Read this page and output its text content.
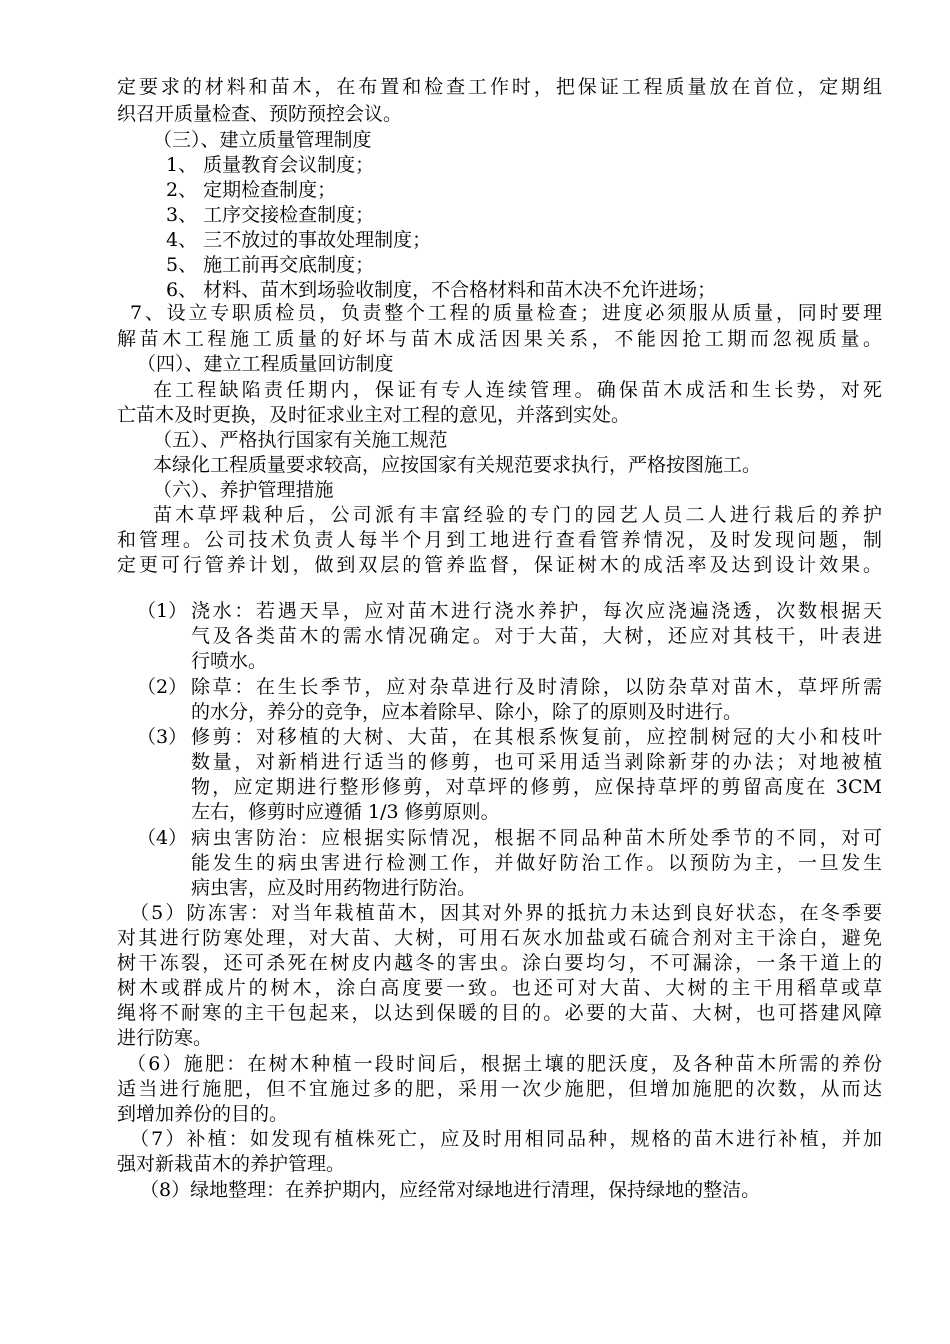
定要求的材料和苗木，在布置和检查工作时，把保证工程质量放在首位，定期组
织召开质量检查、预防预控会议。
（三）、建立质量管理制度
1、 质量教育会议制度；
2、 定期检查制度；
3、 工序交接检查制度；
4、 三不放过的事故处理制度；
5、 施工前再交底制度；
6、 材料、苗木到场验收制度，不合格材料和苗木决不允许进场；
7、设立专职质检员，负责整个工程的质量检查；进度必须服从质量，同时要理
解苗木工程施工质量的好坏与苗木成活因果关系，不能因抢工期而忽视质量。
（四）、建立工程质量回访制度
在工程缺陷责任期内，保证有专人连续管理。确保苗木成活和生长势，对死
亡苗木及时更换，及时征求业主对工程的意见，并落到实处。
（五）、严格执行国家有关施工规范
本绿化工程质量要求较高，应按国家有关规范要求执行，严格按图施工。
（六）、养护管理措施
苗木草坪栽种后，公司派有丰富经验的专门的园艺人员二人进行栽后的养护
和管理。公司技术负责人每半个月到工地进行查看管养情况，及时发现问题，制
定更可行管养计划，做到双层的管养监督，保证树木的成活率及达到设计效果。
（1） 浇水：若遇天旱，应对苗木进行浇水养护，每次应浇遍浇透，次数根据天
气及各类苗木的需水情况确定。对于大苗，大树，还应对其枝干，叶表进
行喷水。
（2） 除草：在生长季节，应对杂草进行及时清除，以防杂草对苗木，草坪所需
的水分，养分的竞争，应本着除早、除小，除了的原则及时进行。
（3） 修剪：对移植的大树、大苗，在其根系恢复前，应控制树冠的大小和枝叶
数量，对新梢进行适当的修剪，也可采用适当剥除新芽的办法；对地被植
物，应定期进行整形修剪，对草坪的修剪，应保持草坪的剪留高度在 3CM
左右，修剪时应遵循 1/3 修剪原则。
（4） 病虫害防治：应根据实际情况，根据不同品种苗木所处季节的不同，对可
能发生的病虫害进行检测工作，并做好防治工作。以预防为主，一旦发生
病虫害，应及时用药物进行防治。
（5）防冻害：对当年栽植苗木，因其对外界的抵抗力未达到良好状态，在冬季要
对其进行防寒处理，对大苗、大树，可用石灰水加盐或石硫合剂对主干涂白，避免
树干冻裂，还可杀死在树皮内越冬的害虫。涂白要均匀，不可漏涂，一条干道上的
树木或群成片的树木，涂白高度要一致。也还可对大苗、大树的主干用稻草或草
绳将不耐寒的主干包起来，以达到保暖的目的。必要的大苗、大树，也可搭建风障
进行防寒。
（6）施肥：在树木种植一段时间后，根据土壤的肥沃度，及各种苗木所需的养份
适当进行施肥，但不宜施过多的肥，采用一次少施肥，但增加施肥的次数，从而达
到增加养份的目的。
（7）补植：如发现有植株死亡，应及时用相同品种，规格的苗木进行补植，并加
强对新栽苗木的养护管理。
（8）绿地整理：在养护期内，应经常对绿地进行清理，保持绿地的整洁。
